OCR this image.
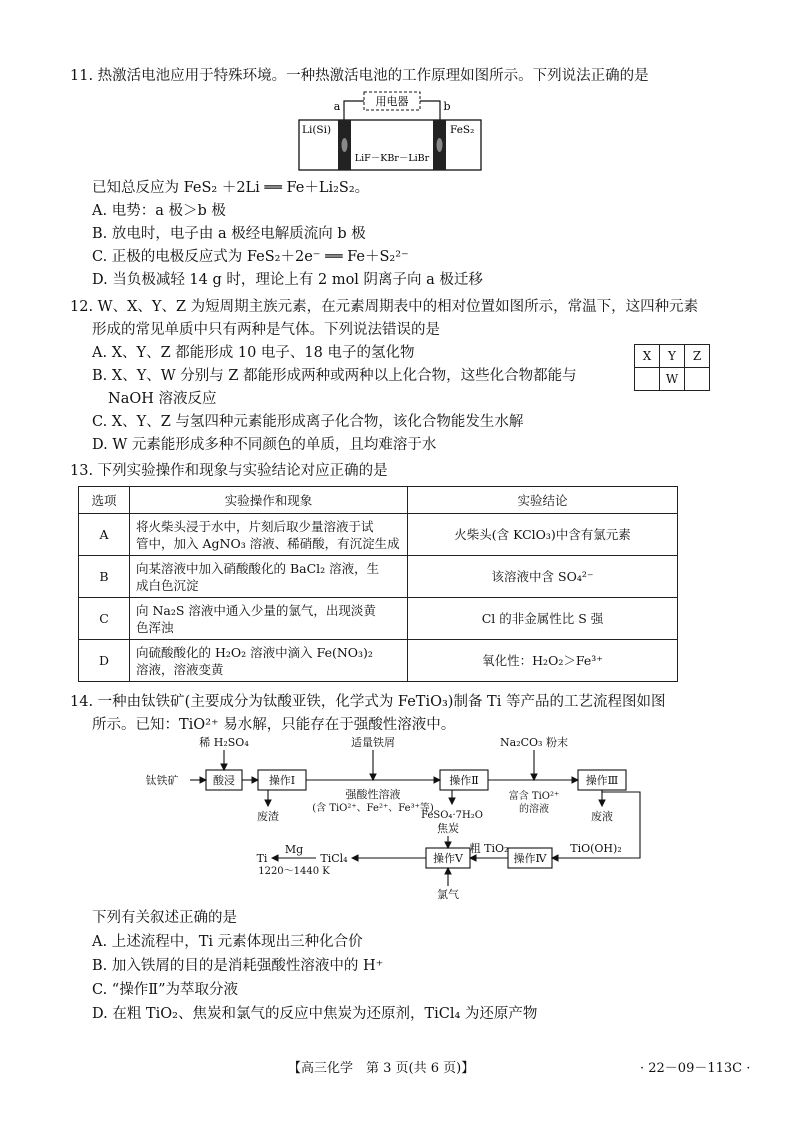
11. 热激活电池应用于特殊环境。一种热激活电池的工作原理如图所示。下列说法正确的是
用电器
a	b
Li(Si)	FeS₂
LiF－KBr－LiBr
已知总反应为 FeS₂ ＋2Li ══ Fe＋Li₂S₂。
A. 电势：a 极＞b 极
B. 放电时，电子由 a 极经电解质流向 b 极
C. 正极的电极反应式为 FeS₂＋2e⁻ ══ Fe＋S₂²⁻
D. 当负极减轻 14 g 时，理论上有 2 mol 阴离子向 a 极迁移
12. W、X、Y、Z 为短周期主族元素，在元素周期表中的相对位置如图所示，常温下，这四种元素
形成的常见单质中只有两种是气体。下列说法错误的是
A. X、Y、Z 都能形成 10 电子、18 电子的氢化物
B. X、Y、W 分别与 Z 都能形成两种或两种以上化合物，这些化合物都能与
NaOH 溶液反应
C. X、Y、Z 与氢四种元素能形成离子化合物，该化合物能发生水解
D. W 元素能形成多种不同颜色的单质，且均难溶于水
X	Y	Z
	W	
13. 下列实验操作和现象与实验结论对应正确的是
选项	实验操作和现象	实验结论
A	将火柴头浸于水中，片刻后取少量溶液于试
管中，加入 AgNO₃ 溶液、稀硝酸，有沉淀生成	火柴头(含 KClO₃)中含有氯元素
B	向某溶液中加入硝酸酸化的 BaCl₂ 溶液，生
成白色沉淀	该溶液中含 SO₄²⁻
C	向 Na₂S 溶液中通入少量的氯气，出现淡黄
色浑浊	Cl 的非金属性比 S 强
D	向硫酸酸化的 H₂O₂ 溶液中滴入 Fe(NO₃)₂
溶液，溶液变黄	氧化性：H₂O₂＞Fe³⁺
14. 一种由钛铁矿(主要成分为钛酸亚铁，化学式为 FeTiO₃)制备 Ti 等产品的工艺流程图如图
所示。已知：TiO²⁺ 易水解，只能存在于强酸性溶液中。
稀 H₂SO₄
钛铁矿	酸浸	操作Ⅰ
废渣
适量铁屑
强酸性溶液
(含 TiO²⁺、Fe²⁺、Fe³⁺等)
操作Ⅱ
FeSO₄·7H₂O
富含 TiO²⁺
的溶液
Na₂CO₃ 粉末
操作Ⅲ
废液
TiO(OH)₂
操作Ⅳ
粗 TiO₂
焦炭
操作Ⅴ
氯气
TiCl₄
Mg
1220～1440 K
Ti
下列有关叙述正确的是
A. 上述流程中，Ti 元素体现出三种化合价
B. 加入铁屑的目的是消耗强酸性溶液中的 H⁺
C. “操作Ⅱ”为萃取分液
D. 在粗 TiO₂、焦炭和氯气的反应中焦炭为还原剂，TiCl₄ 为还原产物
【高三化学　第 3 页(共 6 页)】	· 22－09－113C ·
